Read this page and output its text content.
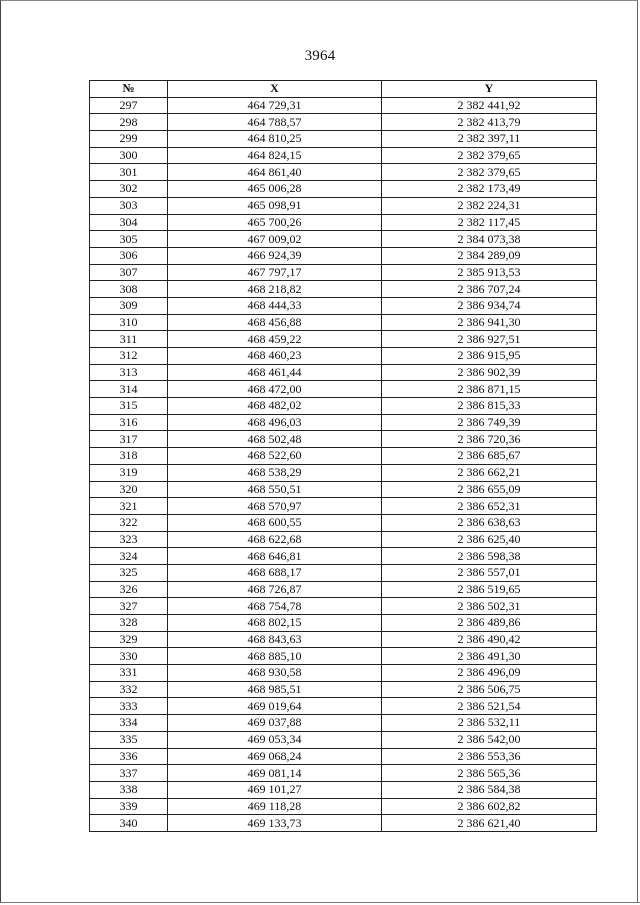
3964
№	X	Y
297	464 729,31	2 382 441,92
298	464 788,57	2 382 413,79
299	464 810,25	2 382 397,11
300	464 824,15	2 382 379,65
301	464 861,40	2 382 379,65
302	465 006,28	2 382 173,49
303	465 098,91	2 382 224,31
304	465 700,26	2 382 117,45
305	467 009,02	2 384 073,38
306	466 924,39	2 384 289,09
307	467 797,17	2 385 913,53
308	468 218,82	2 386 707,24
309	468 444,33	2 386 934,74
310	468 456,88	2 386 941,30
311	468 459,22	2 386 927,51
312	468 460,23	2 386 915,95
313	468 461,44	2 386 902,39
314	468 472,00	2 386 871,15
315	468 482,02	2 386 815,33
316	468 496,03	2 386 749,39
317	468 502,48	2 386 720,36
318	468 522,60	2 386 685,67
319	468 538,29	2 386 662,21
320	468 550,51	2 386 655,09
321	468 570,97	2 386 652,31
322	468 600,55	2 386 638,63
323	468 622,68	2 386 625,40
324	468 646,81	2 386 598,38
325	468 688,17	2 386 557,01
326	468 726,87	2 386 519,65
327	468 754,78	2 386 502,31
328	468 802,15	2 386 489,86
329	468 843,63	2 386 490,42
330	468 885,10	2 386 491,30
331	468 930,58	2 386 496,09
332	468 985,51	2 386 506,75
333	469 019,64	2 386 521,54
334	469 037,88	2 386 532,11
335	469 053,34	2 386 542,00
336	469 068,24	2 386 553,36
337	469 081,14	2 386 565,36
338	469 101,27	2 386 584,38
339	469 118,28	2 386 602,82
340	469 133,73	2 386 621,40
